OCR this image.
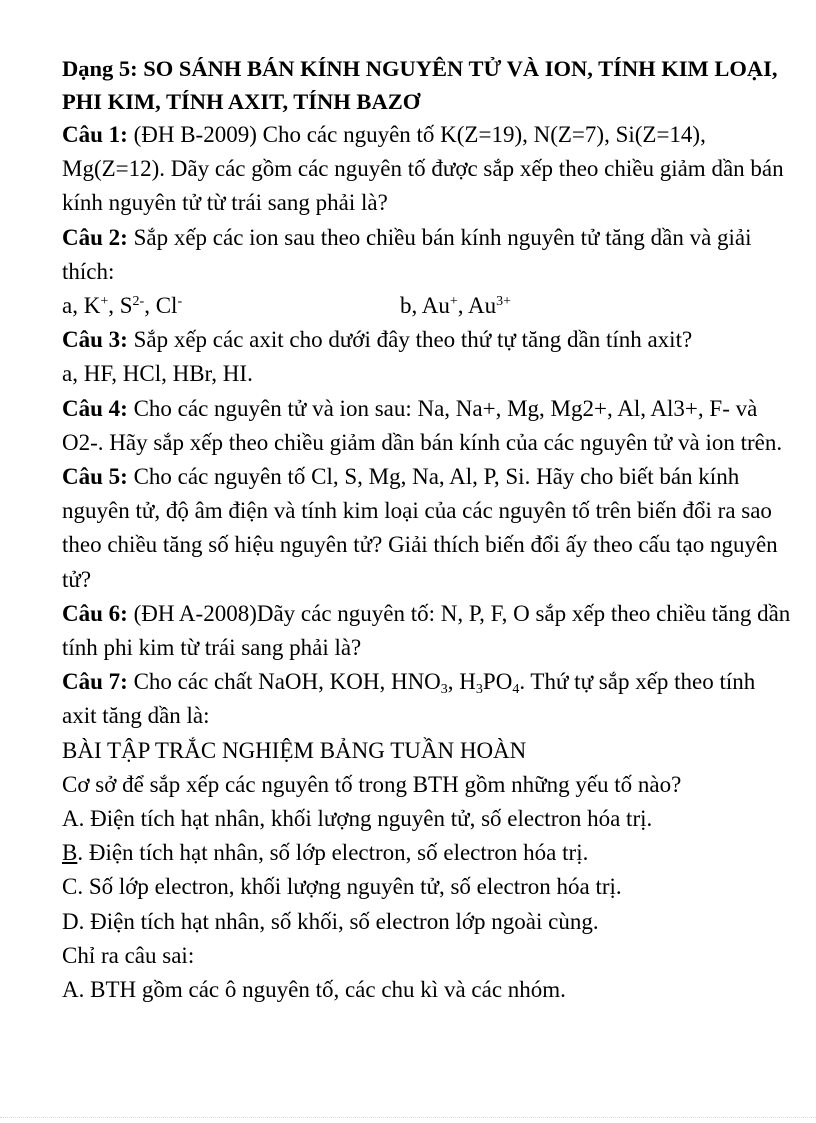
Dạng 5: SO SÁNH BÁN KÍNH NGUYÊN TỬ VÀ ION, TÍNH KIM LOẠI, PHI KIM, TÍNH AXIT, TÍNH BAZƠ

Câu 1: (ĐH B-2009) Cho các nguyên tố K(Z=19), N(Z=7), Si(Z=14), Mg(Z=12). Dãy các gồm các nguyên tố được sắp xếp theo chiều giảm dần bán kính nguyên tử từ trái sang phải là?

Câu 2: Sắp xếp các ion sau theo chiều bán kính nguyên tử tăng dần và giải thích:

a, K+, $S^{2-}$, Cl-	b, Au+, $Au^{3+}$

Câu 3: Sắp xếp các axit cho dưới đây theo thứ tự tăng dần tính axit?

a, HF, HCl, HBr, HI.

Câu 4: Cho các nguyên tử và ion sau: Na, Na+, Mg, Mg2+, Al, Al3+, F- và O2-. Hãy sắp xếp theo chiều giảm dần bán kính của các nguyên tử và ion trên.

Câu 5: Cho các nguyên tố Cl, S, Mg, Na, Al, P, Si. Hãy cho biết bán kính nguyên tử, độ âm điện và tính kim loại của các nguyên tố trên biến đổi ra sao theo chiều tăng số hiệu nguyên tử? Giải thích biến đổi ấy theo cấu tạo nguyên tử?

Câu 6: (ĐH A-2008)Dãy các nguyên tố: N, P, F, O sắp xếp theo chiều tăng dần tính phi kim từ trái sang phải là?

Câu 7: Cho các chất NaOH, KOH, $HNO_3$, $H_3PO_4$. Thứ tự sắp xếp theo tính axit tăng dần là:

BÀI TẬP TRẮC NGHIỆM BẢNG TUẦN HOÀN

Cơ sở để sắp xếp các nguyên tố trong BTH gồm những yếu tố nào?

A. Điện tích hạt nhân, khối lượng nguyên tử, số electron hóa trị.

B. Điện tích hạt nhân, số lớp electron, số electron hóa trị.

C. Số lớp electron, khối lượng nguyên tử, số electron hóa trị.

D. Điện tích hạt nhân, số khối, số electron lớp ngoài cùng.

Chỉ ra câu sai:

A. BTH gồm các ô nguyên tố, các chu kì và các nhóm.
